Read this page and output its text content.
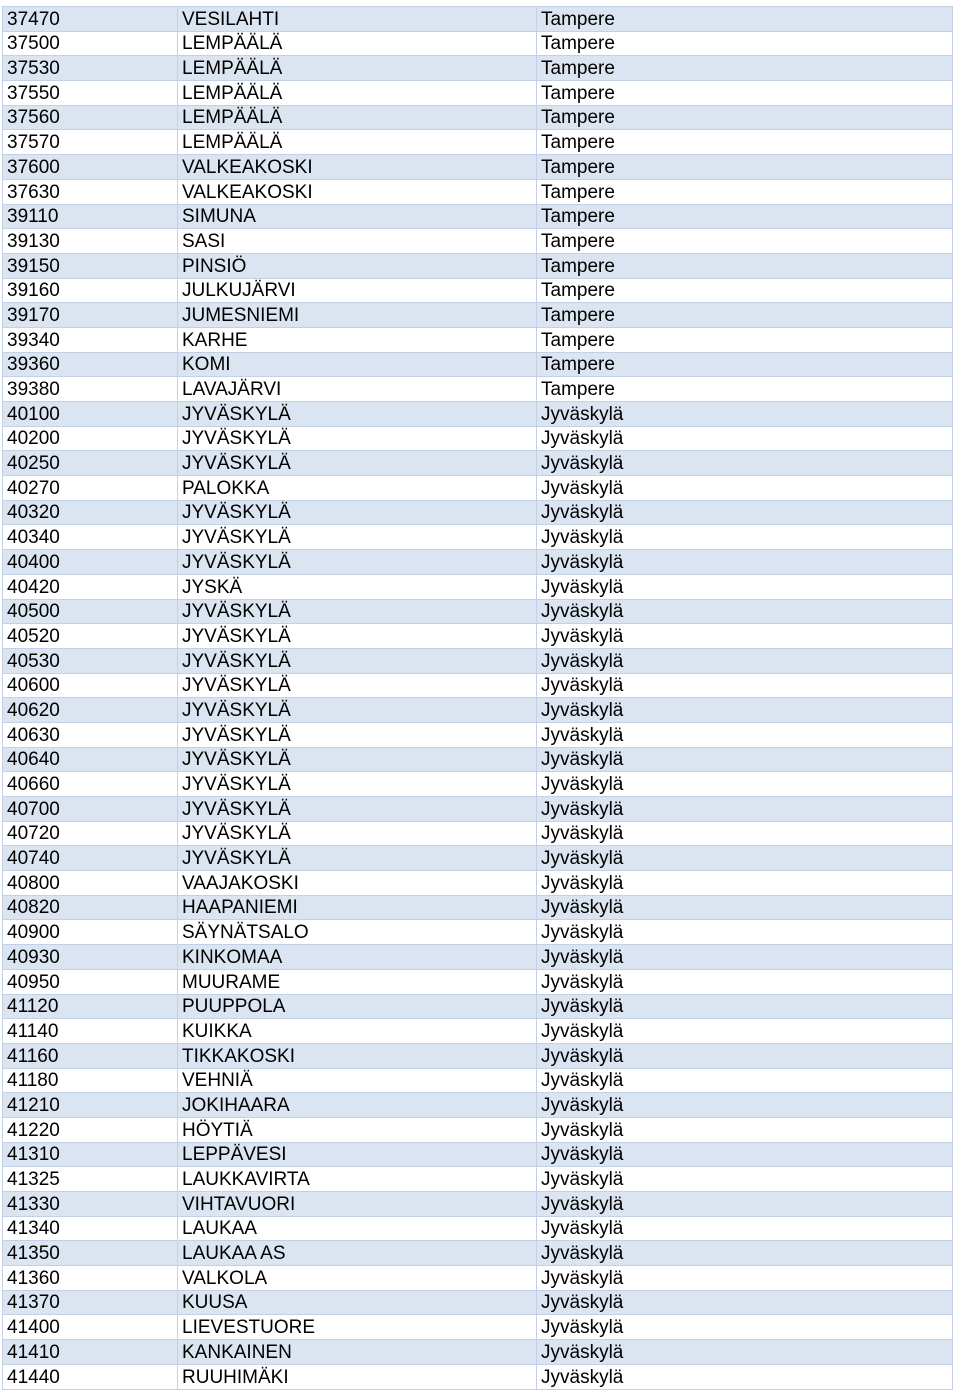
37470	VESILAHTI	Tampere
37500	LEMPÄÄLÄ	Tampere
37530	LEMPÄÄLÄ	Tampere
37550	LEMPÄÄLÄ	Tampere
37560	LEMPÄÄLÄ	Tampere
37570	LEMPÄÄLÄ	Tampere
37600	VALKEAKOSKI	Tampere
37630	VALKEAKOSKI	Tampere
39110	SIMUNA	Tampere
39130	SASI	Tampere
39150	PINSIÖ	Tampere
39160	JULKUJÄRVI	Tampere
39170	JUMESNIEMI	Tampere
39340	KARHE	Tampere
39360	KOMI	Tampere
39380	LAVAJÄRVI	Tampere
40100	JYVÄSKYLÄ	Jyväskylä
40200	JYVÄSKYLÄ	Jyväskylä
40250	JYVÄSKYLÄ	Jyväskylä
40270	PALOKKA	Jyväskylä
40320	JYVÄSKYLÄ	Jyväskylä
40340	JYVÄSKYLÄ	Jyväskylä
40400	JYVÄSKYLÄ	Jyväskylä
40420	JYSKÄ	Jyväskylä
40500	JYVÄSKYLÄ	Jyväskylä
40520	JYVÄSKYLÄ	Jyväskylä
40530	JYVÄSKYLÄ	Jyväskylä
40600	JYVÄSKYLÄ	Jyväskylä
40620	JYVÄSKYLÄ	Jyväskylä
40630	JYVÄSKYLÄ	Jyväskylä
40640	JYVÄSKYLÄ	Jyväskylä
40660	JYVÄSKYLÄ	Jyväskylä
40700	JYVÄSKYLÄ	Jyväskylä
40720	JYVÄSKYLÄ	Jyväskylä
40740	JYVÄSKYLÄ	Jyväskylä
40800	VAAJAKOSKI	Jyväskylä
40820	HAAPANIEMI	Jyväskylä
40900	SÄYNÄTSALO	Jyväskylä
40930	KINKOMAA	Jyväskylä
40950	MUURAME	Jyväskylä
41120	PUUPPOLA	Jyväskylä
41140	KUIKKA	Jyväskylä
41160	TIKKAKOSKI	Jyväskylä
41180	VEHNIÄ	Jyväskylä
41210	JOKIHAARA	Jyväskylä
41220	HÖYTIÄ	Jyväskylä
41310	LEPPÄVESI	Jyväskylä
41325	LAUKKAVIRTA	Jyväskylä
41330	VIHTAVUORI	Jyväskylä
41340	LAUKAA	Jyväskylä
41350	LAUKAA AS	Jyväskylä
41360	VALKOLA	Jyväskylä
41370	KUUSA	Jyväskylä
41400	LIEVESTUORE	Jyväskylä
41410	KANKAINEN	Jyväskylä
41440	RUUHIMÄKI	Jyväskylä
